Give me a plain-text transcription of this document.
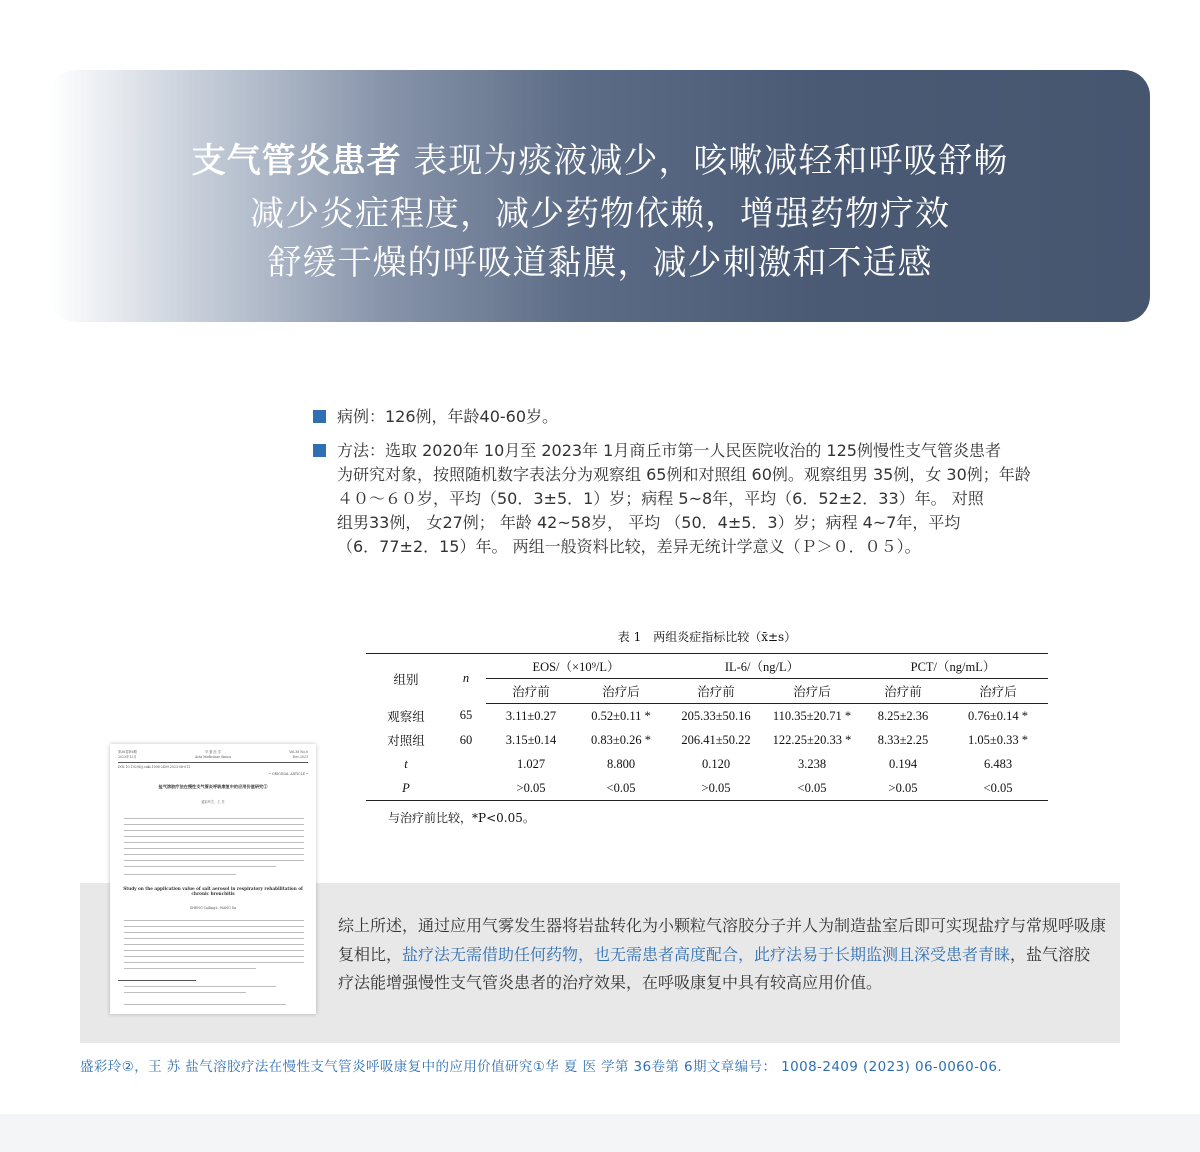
支气管炎患者 表现为痰液减少，咳嗽减轻和呼吸舒畅
减少炎症程度，减少药物依赖，增强药物疗效
舒缓干燥的呼吸道黏膜，减少刺激和不适感

病例：126例，年龄40-60岁。

方法：选取 2020年 10月至 2023年 1月商丘市第一人民医院收治的 125例慢性支气管炎患者
为研究对象，按照随机数字表法分为观察组 65例和对照组 60例。观察组男 35例，女 30例；年龄
４０～６０岁，平均（50．3±5．1）岁；病程 5~8年，平均（6．52±2．33）年。 对照
组男33例， 女27例； 年龄 42~58岁， 平均 （50．4±5．3）岁；病程 4~7年，平均
（6．77±2．15）年。 两组一般资料比较，差异无统计学意义（Ｐ＞０．０５）。

表 1　两组炎症指标比较（x̄±s）
组别	n	EOS/（×10⁹/L）		IL-6/（ng/L）		PCT/（ng/mL）	
		治疗前	治疗后	治疗前	治疗后	治疗前	治疗后
观察组	65	3.11±0.27	0.52±0.11 *	205.33±50.16	110.35±20.71 *	8.25±2.36	0.76±0.14 *
对照组	60	3.15±0.14	0.83±0.26 *	206.41±50.22	122.25±20.33 *	8.33±2.25	1.05±0.33 *
t		1.027	8.800	0.120	3.238	0.194	6.483
P		>0.05	<0.05	>0.05	<0.05	>0.05	<0.05
与治疗前比较，*P<0.05。
综上所述，通过应用气雾发生器将岩盐转化为小颗粒气溶胶分子并人为制造盐室后即可实现盐疗与常规呼吸康复相比，盐疗法无需借助任何药物，也无需患者高度配合，此疗法易于长期监测且深受患者青睐，盐气溶胶疗法能增强慢性支气管炎患者的治疗效果，在呼吸康复中具有较高应用价值。
第36卷第6期
2023年12月
华 夏 医 学
Acta Medicinae Sinica
Vol.36 No.6
Dec.2023
DOI:10.19296/j.cnki.1008-2409.2023-06-011
• ORIGINAL ARTICLE •
盐气溶胶疗法在慢性支气管炎呼吸康复中的应用价值研究①
盛彩玲②，王 苏
Study on the application value of salt aerosol in respiratory rehabilitation of chronic bronchitis
SHENG Cailing②, WANG Su
盛彩玲②，王 苏 盐气溶胶疗法在慢性支气管炎呼吸康复中的应用价值研究①华 夏 医 学第 36卷第 6期文章编号： 1008-2409 (2023) 06-0060-06.
